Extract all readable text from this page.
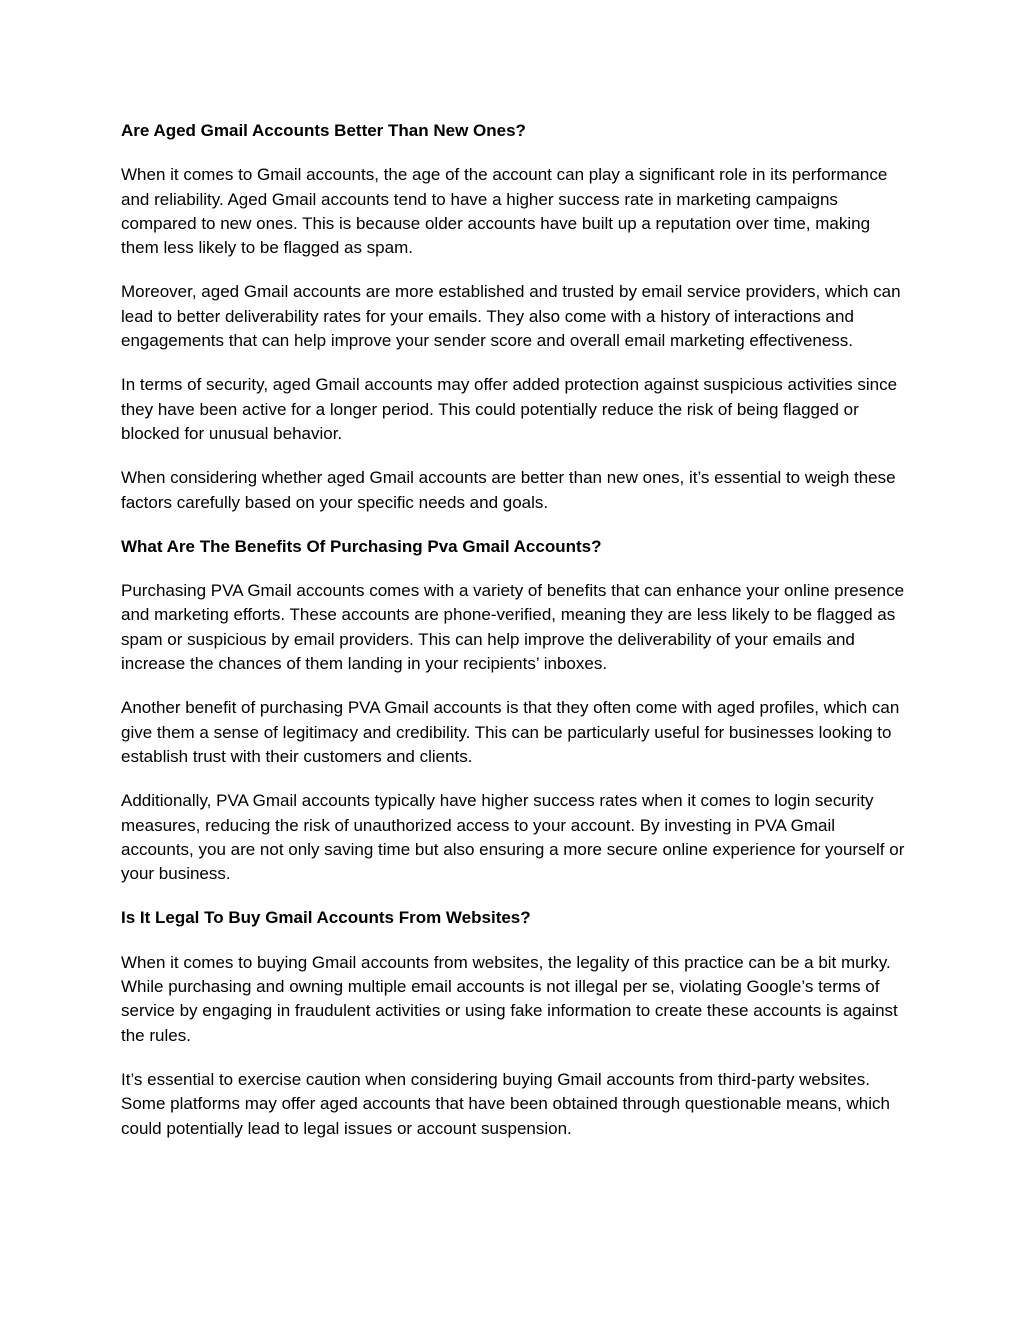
Are Aged Gmail Accounts Better Than New Ones?
When it comes to Gmail accounts, the age of the account can play a significant role in its performance and reliability. Aged Gmail accounts tend to have a higher success rate in marketing campaigns compared to new ones. This is because older accounts have built up a reputation over time, making them less likely to be flagged as spam.
Moreover, aged Gmail accounts are more established and trusted by email service providers, which can lead to better deliverability rates for your emails. They also come with a history of interactions and engagements that can help improve your sender score and overall email marketing effectiveness.
In terms of security, aged Gmail accounts may offer added protection against suspicious activities since they have been active for a longer period. This could potentially reduce the risk of being flagged or blocked for unusual behavior.
When considering whether aged Gmail accounts are better than new ones, it’s essential to weigh these factors carefully based on your specific needs and goals.
What Are The Benefits Of Purchasing Pva Gmail Accounts?
Purchasing PVA Gmail accounts comes with a variety of benefits that can enhance your online presence and marketing efforts. These accounts are phone-verified, meaning they are less likely to be flagged as spam or suspicious by email providers. This can help improve the deliverability of your emails and increase the chances of them landing in your recipients’ inboxes.
Another benefit of purchasing PVA Gmail accounts is that they often come with aged profiles, which can give them a sense of legitimacy and credibility. This can be particularly useful for businesses looking to establish trust with their customers and clients.
Additionally, PVA Gmail accounts typically have higher success rates when it comes to login security measures, reducing the risk of unauthorized access to your account. By investing in PVA Gmail accounts, you are not only saving time but also ensuring a more secure online experience for yourself or your business.
Is It Legal To Buy Gmail Accounts From Websites?
When it comes to buying Gmail accounts from websites, the legality of this practice can be a bit murky. While purchasing and owning multiple email accounts is not illegal per se, violating Google’s terms of service by engaging in fraudulent activities or using fake information to create these accounts is against the rules.
It’s essential to exercise caution when considering buying Gmail accounts from third-party websites. Some platforms may offer aged accounts that have been obtained through questionable means, which could potentially lead to legal issues or account suspension.
